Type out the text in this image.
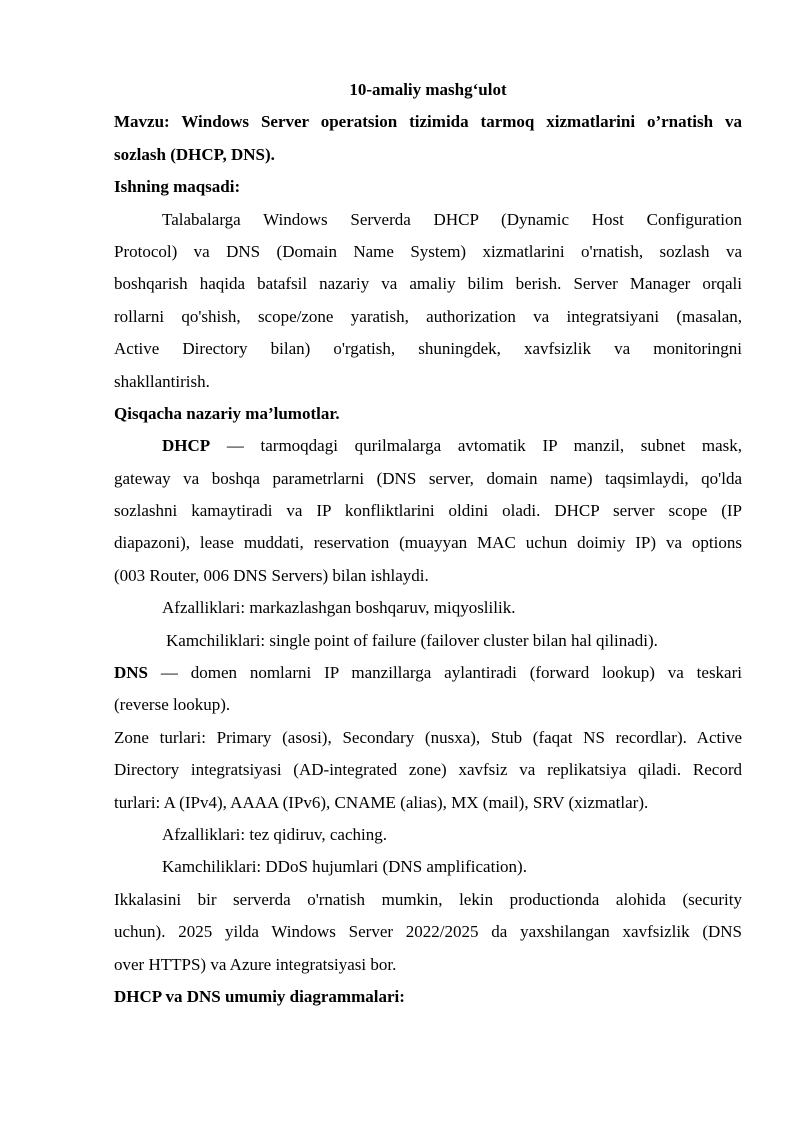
10-amaliy mashg‘ulot
Mavzu: Windows Server operatsion tizimida tarmoq xizmatlarini o’rnatish va
sozlash (DHCP, DNS).
Ishning maqsadi:
Talabalarga Windows Serverda DHCP (Dynamic Host Configuration
Protocol) va DNS (Domain Name System) xizmatlarini o'rnatish, sozlash va
boshqarish haqida batafsil nazariy va amaliy bilim berish. Server Manager orqali
rollarni qo'shish, scope/zone yaratish, authorization va integratsiyani (masalan,
Active Directory bilan) o'rgatish, shuningdek, xavfsizlik va monitoringni
shakllantirish.
Qisqacha nazariy ma’lumotlar.
DHCP — tarmoqdagi qurilmalarga avtomatik IP manzil, subnet mask,
gateway va boshqa parametrlarni (DNS server, domain name) taqsimlaydi, qo'lda
sozlashni kamaytiradi va IP konfliktlarini oldini oladi. DHCP server scope (IP
diapazoni), lease muddati, reservation (muayyan MAC uchun doimiy IP) va options
(003 Router, 006 DNS Servers) bilan ishlaydi.
Afzalliklari: markazlashgan boshqaruv, miqyoslilik.
Kamchiliklari: single point of failure (failover cluster bilan hal qilinadi).
DNS — domen nomlarni IP manzillarga aylantiradi (forward lookup) va teskari
(reverse lookup).
Zone turlari: Primary (asosi), Secondary (nusxa), Stub (faqat NS recordlar). Active
Directory integratsiyasi (AD-integrated zone) xavfsiz va replikatsiya qiladi. Record
turlari: A (IPv4), AAAA (IPv6), CNAME (alias), MX (mail), SRV (xizmatlar).
Afzalliklari: tez qidiruv, caching.
Kamchiliklari: DDoS hujumlari (DNS amplification).
Ikkalasini bir serverda o'rnatish mumkin, lekin productionda alohida (security
uchun). 2025 yilda Windows Server 2022/2025 da yaxshilangan xavfsizlik (DNS
over HTTPS) va Azure integratsiyasi bor.
DHCP va DNS umumiy diagrammalari:
